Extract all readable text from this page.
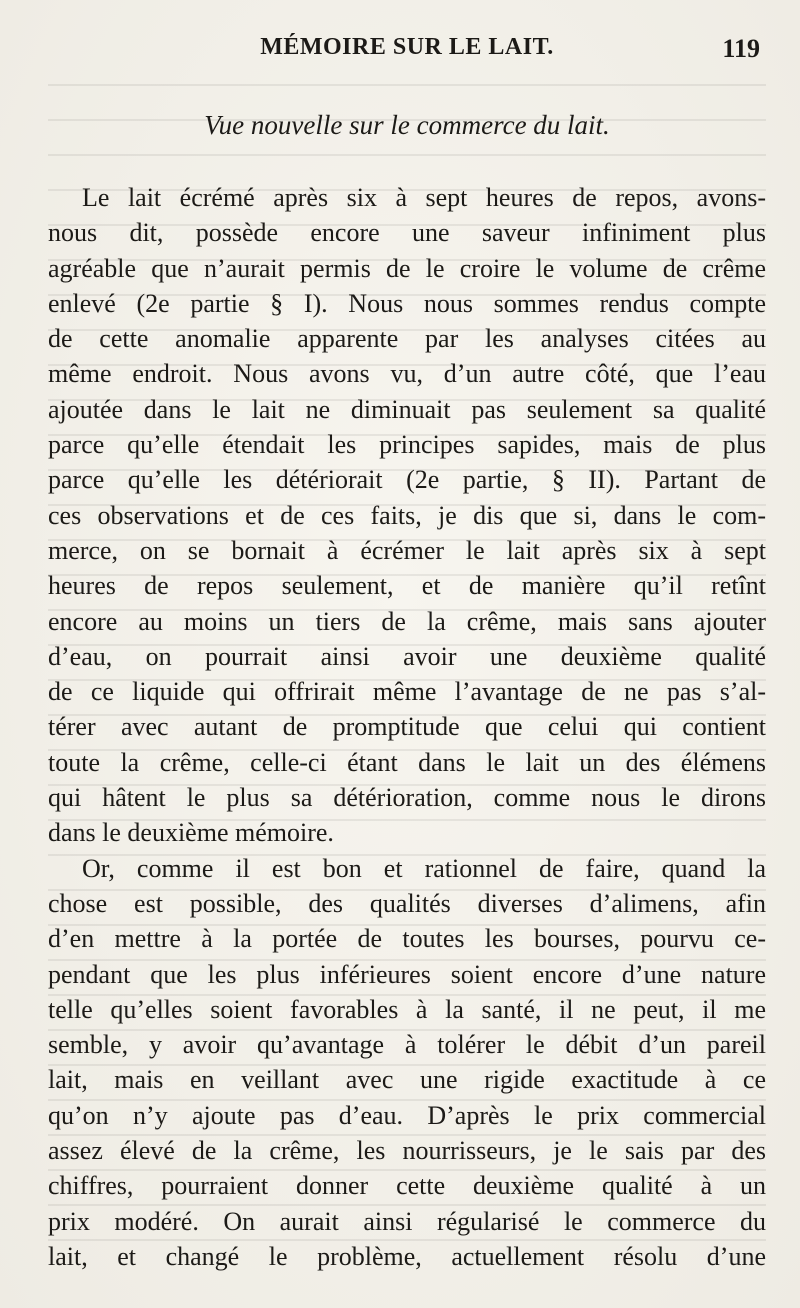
MÉMOIRE SUR LE LAIT.	119
Vue nouvelle sur le commerce du lait.
Le lait écrémé après six à sept heures de repos, avons-
nous dit, possède encore une saveur infiniment plus
agréable que n’aurait permis de le croire le volume de crême
enlevé (2e partie § I). Nous nous sommes rendus compte
de cette anomalie apparente par les analyses citées au
même endroit. Nous avons vu, d’un autre côté, que l’eau
ajoutée dans le lait ne diminuait pas seulement sa qualité
parce qu’elle étendait les principes sapides, mais de plus
parce qu’elle les détériorait (2e partie, § II). Partant de
ces observations et de ces faits, je dis que si, dans le com-
merce, on se bornait à écrémer le lait après six à sept
heures de repos seulement, et de manière qu’il retînt
encore au moins un tiers de la crême, mais sans ajouter
d’eau, on pourrait ainsi avoir une deuxième qualité
de ce liquide qui offrirait même l’avantage de ne pas s’al-
térer avec autant de promptitude que celui qui contient
toute la crême, celle-ci étant dans le lait un des élémens
qui hâtent le plus sa détérioration, comme nous le dirons
dans le deuxième mémoire.
Or, comme il est bon et rationnel de faire, quand la
chose est possible, des qualités diverses d’alimens, afin
d’en mettre à la portée de toutes les bourses, pourvu ce-
pendant que les plus inférieures soient encore d’une nature
telle qu’elles soient favorables à la santé, il ne peut, il me
semble, y avoir qu’avantage à tolérer le débit d’un pareil
lait, mais en veillant avec une rigide exactitude à ce
qu’on n’y ajoute pas d’eau. D’après le prix commercial
assez élevé de la crême, les nourrisseurs, je le sais par des
chiffres, pourraient donner cette deuxième qualité à un
prix modéré. On aurait ainsi régularisé le commerce du
lait, et changé le problème, actuellement résolu d’une
